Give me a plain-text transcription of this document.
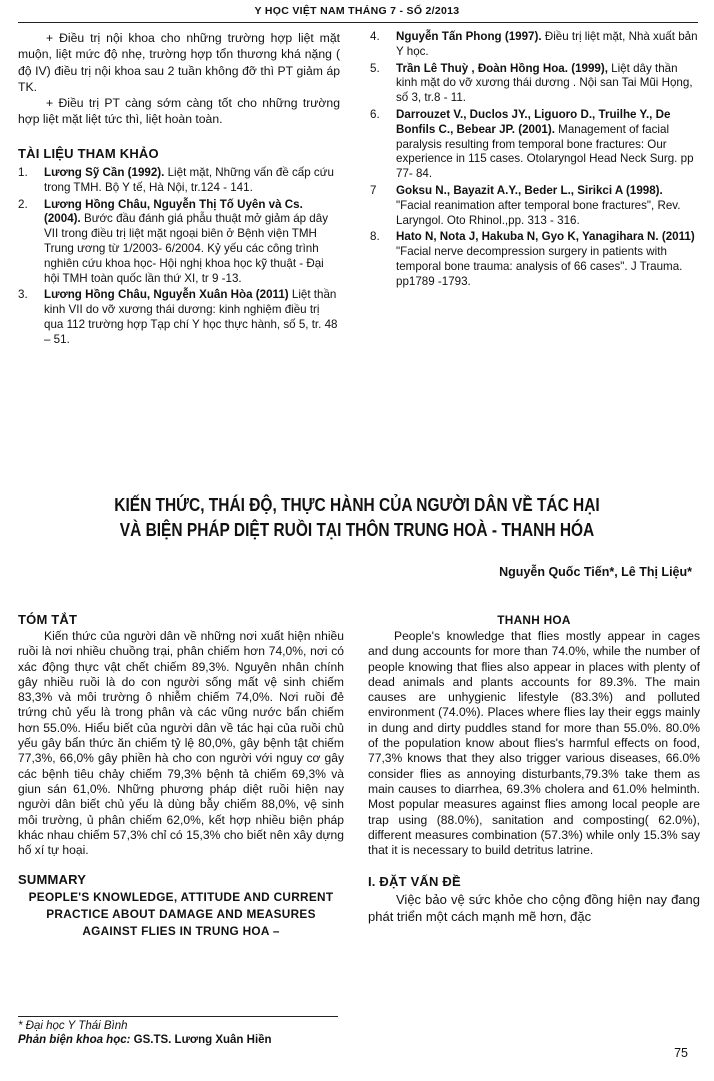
Y HỌC VIỆT NAM THÁNG 7 - SỐ 2/2013

+ Điều trị nội khoa cho những trường hợp liệt mặt muộn, liệt mức độ nhẹ, trường hợp tổn thương khá nặng ( độ IV) điều trị nội khoa sau 2 tuần không đỡ thì PT giảm áp TK.

+ Điều trị PT càng sớm càng tốt cho những trường hợp liệt mặt liệt tức thì, liệt hoàn toàn.

TÀI LIỆU THAM KHẢO
1. Lương Sỹ Cần (1992). Liệt mặt, Những vấn đề cấp cứu trong TMH. Bộ Y tế, Hà Nội, tr.124 - 141.
2. Lương Hồng Châu, Nguyễn Thị Tố Uyên và Cs. (2004). Bước đầu đánh giá phẫu thuật mở giảm áp dây VII trong điều trị liệt mặt ngoại biên ở Bệnh viện TMH Trung ương từ 1/2003- 6/2004. Kỷ yếu các công trình nghiên cứu khoa học- Hội nghị khoa học kỹ thuật - Đại hội TMH toàn quốc lần thứ XI, tr 9 -13.
3. Lương Hồng Châu, Nguyễn Xuân Hòa (2011) Liệt thần kinh VII do vỡ xương thái dương: kinh nghiệm điều trị qua 112 trường hợp Tạp chí Y học thực hành, số 5, tr. 48 – 51.
4. Nguyễn Tấn Phong (1997). Điều trị liệt mặt, Nhà xuất bản Y học.
5. Trần Lê Thuỳ , Đoàn Hồng Hoa. (1999), Liệt dây thần kinh mặt do vỡ xương thái dương . Nội san Tai Mũi Họng, số 3, tr.8 - 11.
6. Darrouzet V., Duclos JY., Liguoro D., Truilhe Y., De Bonfils C., Bebear JP. (2001). Management of facial paralysis resulting from temporal bone fractures: Our experience in 115 cases. Otolaryngol Head Neck Surg. pp 77- 84.
7 Goksu N., Bayazit A.Y., Beder L., Sirikci A (1998). "Facial reanimation after temporal bone fractures", Rev. Laryngol. Oto Rhinol.,pp. 313 - 316.
8. Hato N, Nota J, Hakuba N, Gyo K, Yanagihara N. (2011) "Facial nerve decompression surgery in patients with temporal bone trauma: analysis of 66 cases". J Trauma. pp1789 -1793.
KIẾN THỨC, THÁI ĐỘ, THỰC HÀNH CỦA NGƯỜI DÂN VỀ TÁC HẠI
VÀ BIỆN PHÁP DIỆT RUỒI TẠI THÔN TRUNG HOÀ - THANH HÓA
Nguyễn Quốc Tiến*, Lê Thị Liệu*
TÓM TẮT

Kiến thức của người dân về những nơi xuất hiện nhiều ruồi là nơi nhiều chuồng trại, phân chiếm hơn 74,0%, nơi có xác động thực vật chết chiếm 89,3%. Nguyên nhân chính gây nhiều ruồi là do con người sống mất vệ sinh chiếm 83,3% và môi trường ô nhiễm chiếm 74,0%. Nơi ruồi đẻ trứng chủ yếu là trong phân và các vũng nước bẩn chiếm hơn 55.0%. Hiểu biết của người dân về tác hại của ruồi chủ yếu gây bẩn thức ăn chiếm tỷ lệ 80,0%, gây bệnh tật chiếm 77,3%, 66,0% gây phiền hà cho con người với nguy cơ gây các bệnh tiêu chảy chiếm 79,3% bệnh tả chiếm 69,3% và giun sán 61,0%. Những phương pháp diệt ruồi hiện nay người dân biết chủ yếu là dùng bẫy chiếm 88,0%, vệ sinh môi trường, ủ phân chiếm 62,0%, kết hợp nhiều biện pháp khác nhau chiếm 57,3% chỉ có 15,3% cho biết nên xây dựng hố xí tự hoại.

SUMMARY
PEOPLE'S KNOWLEDGE, ATTITUDE AND CURRENT PRACTICE ABOUT DAMAGE AND MEASURES AGAINST FLIES IN TRUNG HOA –
THANH HOA

People's knowledge that flies mostly appear in cages and dung accounts for more than 74.0%, while the number of people knowing that flies also appear in places with plenty of dead animals and plants accounts for 89.3%. The main causes are unhygienic lifestyle (83.3%) and polluted environment (74.0%). Places where flies lay their eggs mainly in dung and dirty puddles stand for more than 55.0%. 80.0% of the population know about flies's harmful effects on food, 77,3% knows that they also trigger various diseases, 66.0% consider flies as annoying disturbants,79.3% take them as main causes to diarrhea, 69.3% cholera and 61.0% helminth. Most popular measures against flies among local people are trap using (88.0%), sanitation and composting( 62.0%), different measures combination (57.3%) while only 15.3% say that it is necessary to build detritus latrine.

I. ĐẶT VẤN ĐỀ

Việc bảo vệ sức khỏe cho cộng đồng hiện nay đang phát triển một cách mạnh mẽ hơn, đặc

* Đại học Y Thái Bình
Phản biện khoa học: GS.TS. Lương Xuân Hiền
75
